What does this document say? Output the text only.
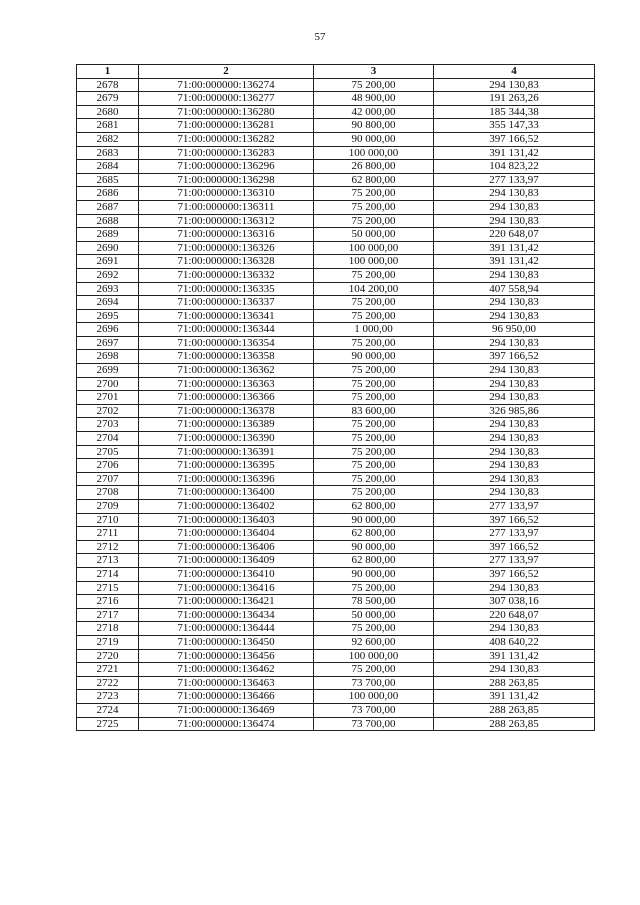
57
1	2	3	4
2678	71:00:000000:136274	75 200,00	294 130,83
2679	71:00:000000:136277	48 900,00	191 263,26
2680	71:00:000000:136280	42 000,00	185 344,38
2681	71:00:000000:136281	90 800,00	355 147,33
2682	71:00:000000:136282	90 000,00	397 166,52
2683	71:00:000000:136283	100 000,00	391 131,42
2684	71:00:000000:136296	26 800,00	104 823,22
2685	71:00:000000:136298	62 800,00	277 133,97
2686	71:00:000000:136310	75 200,00	294 130,83
2687	71:00:000000:136311	75 200,00	294 130,83
2688	71:00:000000:136312	75 200,00	294 130,83
2689	71:00:000000:136316	50 000,00	220 648,07
2690	71:00:000000:136326	100 000,00	391 131,42
2691	71:00:000000:136328	100 000,00	391 131,42
2692	71:00:000000:136332	75 200,00	294 130,83
2693	71:00:000000:136335	104 200,00	407 558,94
2694	71:00:000000:136337	75 200,00	294 130,83
2695	71:00:000000:136341	75 200,00	294 130,83
2696	71:00:000000:136344	1 000,00	96 950,00
2697	71:00:000000:136354	75 200,00	294 130,83
2698	71:00:000000:136358	90 000,00	397 166,52
2699	71:00:000000:136362	75 200,00	294 130,83
2700	71:00:000000:136363	75 200,00	294 130,83
2701	71:00:000000:136366	75 200,00	294 130,83
2702	71:00:000000:136378	83 600,00	326 985,86
2703	71:00:000000:136389	75 200,00	294 130,83
2704	71:00:000000:136390	75 200,00	294 130,83
2705	71:00:000000:136391	75 200,00	294 130,83
2706	71:00:000000:136395	75 200,00	294 130,83
2707	71:00:000000:136396	75 200,00	294 130,83
2708	71:00:000000:136400	75 200,00	294 130,83
2709	71:00:000000:136402	62 800,00	277 133,97
2710	71:00:000000:136403	90 000,00	397 166,52
2711	71:00:000000:136404	62 800,00	277 133,97
2712	71:00:000000:136406	90 000,00	397 166,52
2713	71:00:000000:136409	62 800,00	277 133,97
2714	71:00:000000:136410	90 000,00	397 166,52
2715	71:00:000000:136416	75 200,00	294 130,83
2716	71:00:000000:136421	78 500,00	307 038,16
2717	71:00:000000:136434	50 000,00	220 648,07
2718	71:00:000000:136444	75 200,00	294 130,83
2719	71:00:000000:136450	92 600,00	408 640,22
2720	71:00:000000:136456	100 000,00	391 131,42
2721	71:00:000000:136462	75 200,00	294 130,83
2722	71:00:000000:136463	73 700,00	288 263,85
2723	71:00:000000:136466	100 000,00	391 131,42
2724	71:00:000000:136469	73 700,00	288 263,85
2725	71:00:000000:136474	73 700,00	288 263,85
